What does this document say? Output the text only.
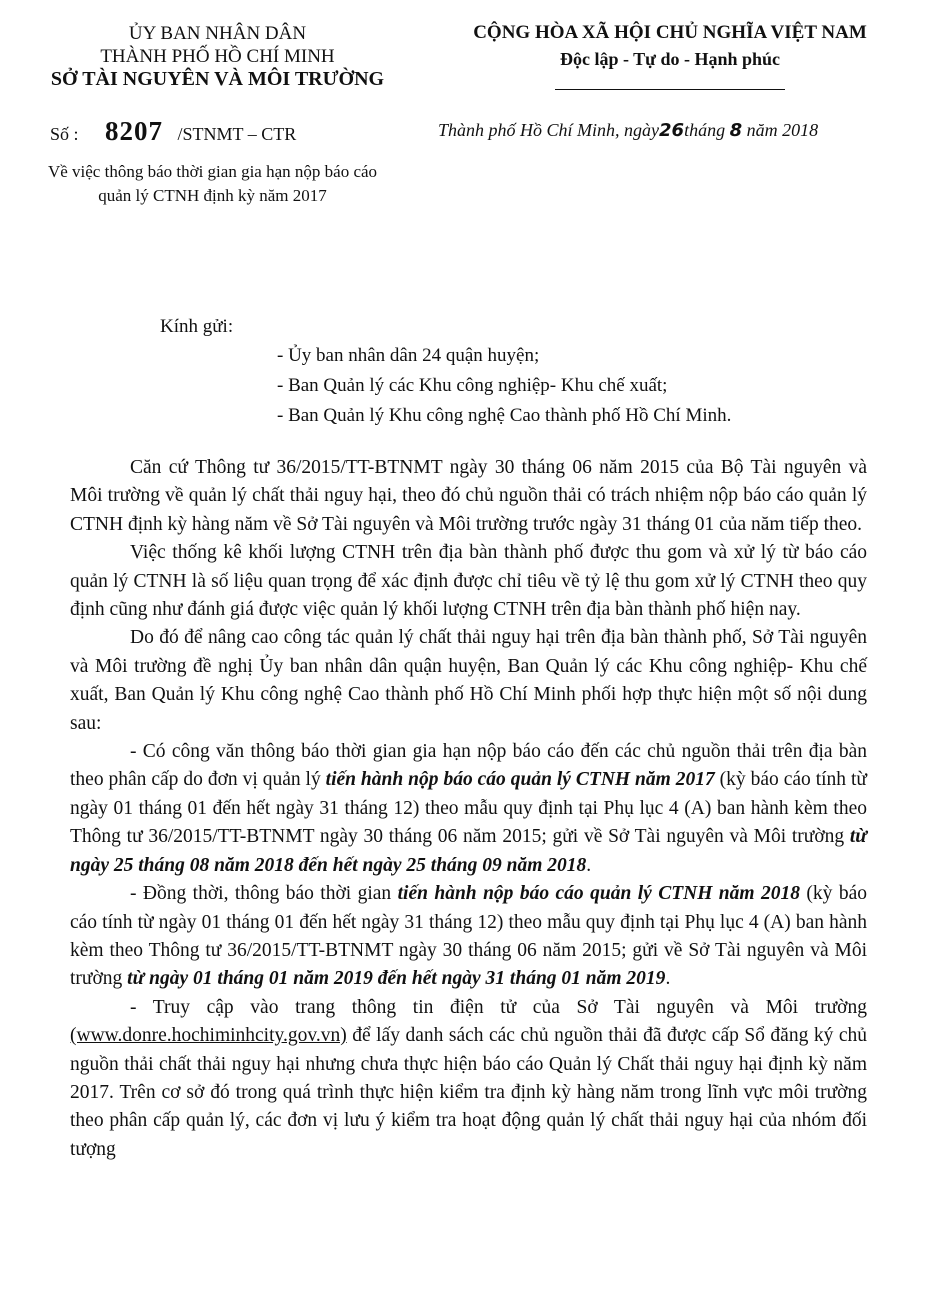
ỦY BAN NHÂN DÂN
THÀNH PHỐ HỒ CHÍ MINH
SỞ TÀI NGUYÊN VÀ MÔI TRƯỜNG
CỘNG HÒA XÃ HỘI CHỦ NGHĨA VIỆT NAM
Độc lập - Tự do - Hạnh phúc
Số : 8207 /STNMT – CTR	Thành phố Hồ Chí Minh, ngày26tháng 8 năm 2018
Về việc thông báo thời gian gia hạn nộp báo cáo quản lý CTNH định kỳ năm 2017
Kính gửi:
- Ủy ban nhân dân 24 quận huyện;
- Ban Quản lý các Khu công nghiệp- Khu chế xuất;
- Ban Quản lý Khu công nghệ Cao thành phố Hồ Chí Minh.

Căn cứ Thông tư 36/2015/TT-BTNMT ngày 30 tháng 06 năm 2015 của Bộ Tài nguyên và Môi trường về quản lý chất thải nguy hại, theo đó chủ nguồn thải có trách nhiệm nộp báo cáo quản lý CTNH định kỳ hàng năm về Sở Tài nguyên và Môi trường trước ngày 31 tháng 01 của năm tiếp theo.

Việc thống kê khối lượng CTNH trên địa bàn thành phố được thu gom và xử lý từ báo cáo quản lý CTNH là số liệu quan trọng để xác định được chỉ tiêu về tỷ lệ thu gom xử lý CTNH theo quy định cũng như đánh giá được việc quản lý khối lượng CTNH trên địa bàn thành phố hiện nay.

Do đó để nâng cao công tác quản lý chất thải nguy hại trên địa bàn thành phố, Sở Tài nguyên và Môi trường đề nghị Ủy ban nhân dân quận huyện, Ban Quản lý các Khu công nghiệp- Khu chế xuất, Ban Quản lý Khu công nghệ Cao thành phố Hồ Chí Minh phối hợp thực hiện một số nội dung sau:

- Có công văn thông báo thời gian gia hạn nộp báo cáo đến các chủ nguồn thải trên địa bàn theo phân cấp do đơn vị quản lý tiến hành nộp báo cáo quản lý CTNH năm 2017 (kỳ báo cáo tính từ ngày 01 tháng 01 đến hết ngày 31 tháng 12) theo mẫu quy định tại Phụ lục 4 (A) ban hành kèm theo Thông tư 36/2015/TT-BTNMT ngày 30 tháng 06 năm 2015; gửi về Sở Tài nguyên và Môi trường từ ngày 25 tháng 08 năm 2018 đến hết ngày 25 tháng 09 năm 2018.

- Đồng thời, thông báo thời gian tiến hành nộp báo cáo quản lý CTNH năm 2018 (kỳ báo cáo tính từ ngày 01 tháng 01 đến hết ngày 31 tháng 12) theo mẫu quy định tại Phụ lục 4 (A) ban hành kèm theo Thông tư 36/2015/TT-BTNMT ngày 30 tháng 06 năm 2015; gửi về Sở Tài nguyên và Môi trường từ ngày 01 tháng 01 năm 2019 đến hết ngày 31 tháng 01 năm 2019.

- Truy cập vào trang thông tin điện tử của Sở Tài nguyên và Môi trường (www.donre.hochiminhcity.gov.vn) để lấy danh sách các chủ nguồn thải đã được cấp Sổ đăng ký chủ nguồn thải chất thải nguy hại nhưng chưa thực hiện báo cáo Quản lý Chất thải nguy hại định kỳ năm 2017. Trên cơ sở đó trong quá trình thực hiện kiểm tra định kỳ hàng năm trong lĩnh vực môi trường theo phân cấp quản lý, các đơn vị lưu ý kiểm tra hoạt động quản lý chất thải nguy hại của nhóm đối tượng
